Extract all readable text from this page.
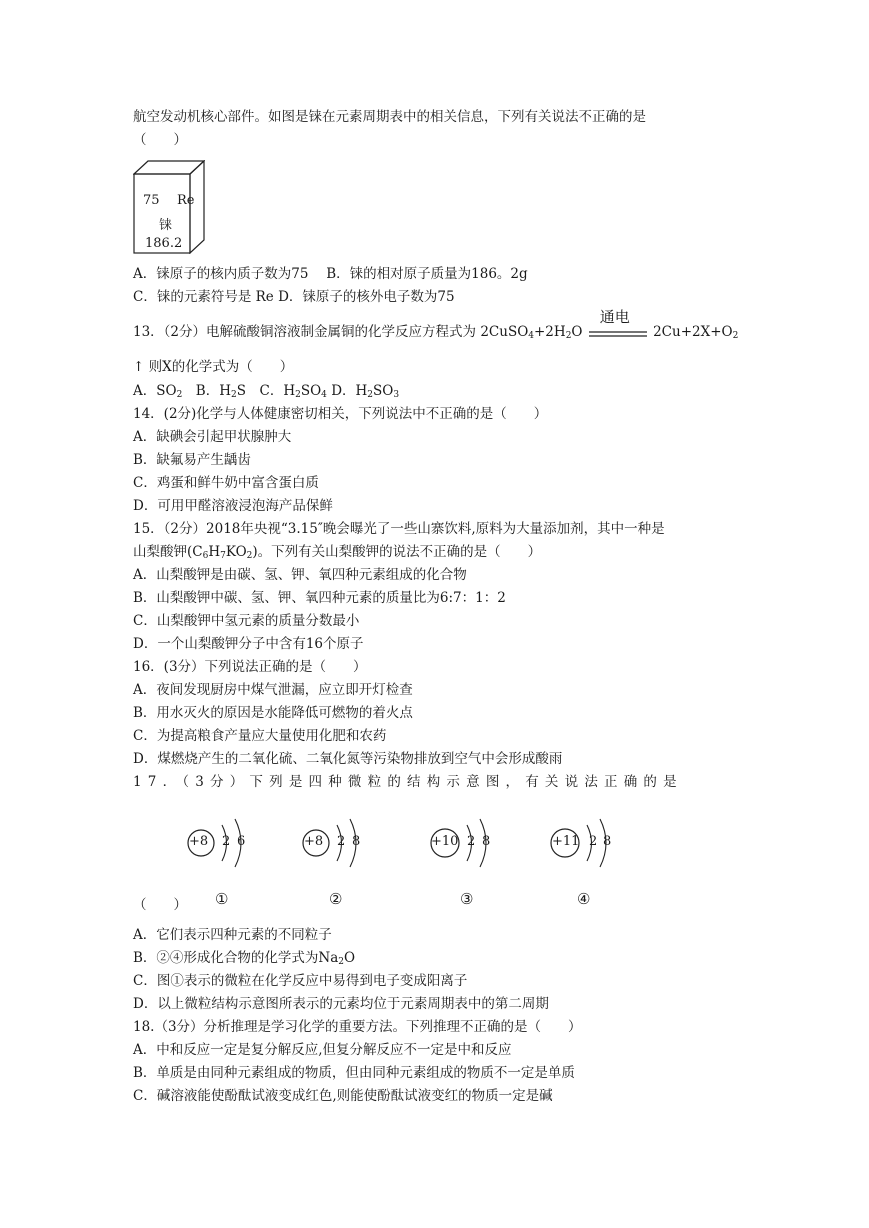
航空发动机核心部件。如图是铼在元素周期表中的相关信息，下列有关说法不正确的是
（　　）
75 Re
铼
186.2
A．铼原子的核内质子数为75　 B．铼的相对原子质量为186。2g
C．铼的元素符号是 Re D．铼原子的核外电子数为75
13．（2分）电解硫酸铜溶液制金属铜的化学反应方程式为 $2CuSO_4+2H_2O$
通电
$2Cu+2X+O_2$
↑ 则X的化学式为（　　）
A．$SO_2$　B．$H_2S$　C．$H_2SO_4$ D．$H_2SO_3$
14．(2分)化学与人体健康密切相关，下列说法中不正确的是（　　）
A．缺碘会引起甲状腺肿大
B．缺氟易产生龋齿
C．鸡蛋和鲜牛奶中富含蛋白质
D．可用甲醛溶液浸泡海产品保鲜
15．（2分）2018年央视“3.15″晚会曝光了一些山寨饮料,原料为大量添加剂，其中一种是
山梨酸钾$(C_6H_7KO_2)$。下列有关山梨酸钾的说法不正确的是（　　）
A．山梨酸钾是由碳、氢、钾、氧四种元素组成的化合物
B．山梨酸钾中碳、氢、钾、氧四种元素的质量比为6:7：1：2
C．山梨酸钾中氢元素的质量分数最小
D．一个山梨酸钾分子中含有16个原子
16．(3分）下列说法正确的是（　　）
A．夜间发现厨房中煤气泄漏，应立即开灯检查
B．用水灭火的原因是水能降低可燃物的着火点
C．为提高粮食产量应大量使用化肥和农药
D．煤燃烧产生的二氧化硫、二氧化氮等污染物排放到空气中会形成酸雨
17．（3分）下列是四种微粒的结构示意图，有关说法正确的是
+8 2 6	+8 2 8	+10 2 8	+11 2 8
（　　） ①	②	③	④
A．它们表示四种元素的不同粒子
B．②④形成化合物的化学式为$Na_2O$
C．图①表示的微粒在化学反应中易得到电子变成阳离子
D．以上微粒结构示意图所表示的元素均位于元素周期表中的第二周期
18.（3分）分析推理是学习化学的重要方法。下列推理不正确的是（　　）
A．中和反应一定是复分解反应,但复分解反应不一定是中和反应
B．单质是由同种元素组成的物质，但由同种元素组成的物质不一定是单质
C．碱溶液能使酚酞试液变成红色,则能使酚酞试液变红的物质一定是碱
